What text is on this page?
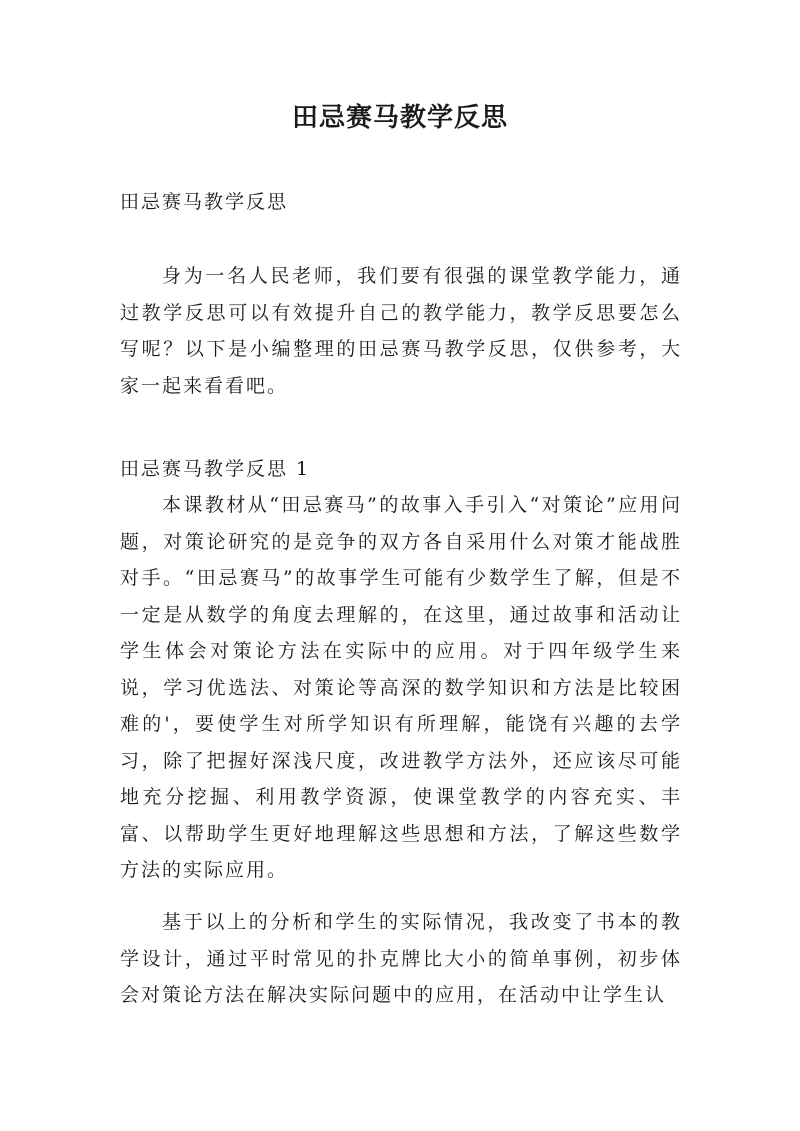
田忌赛马教学反思

田忌赛马教学反思

身为一名人民老师，我们要有很强的课堂教学能力，通过教学反思可以有效提升自己的教学能力，教学反思要怎么写呢？以下是小编整理的田忌赛马教学反思，仅供参考，大家一起来看看吧。

田忌赛马教学反思 1

本课教材从“田忌赛马”的故事入手引入“对策论”应用问题，对策论研究的是竞争的双方各自采用什么对策才能战胜对手。“田忌赛马”的故事学生可能有少数学生了解，但是不一定是从数学的角度去理解的，在这里，通过故事和活动让学生体会对策论方法在实际中的应用。对于四年级学生来说，学习优选法、对策论等高深的数学知识和方法是比较困难的'，要使学生对所学知识有所理解，能饶有兴趣的去学习，除了把握好深浅尺度，改进教学方法外，还应该尽可能地充分挖掘、利用教学资源，使课堂教学的内容充实、丰富、以帮助学生更好地理解这些思想和方法，了解这些数学方法的实际应用。

基于以上的分析和学生的实际情况，我改变了书本的教学设计，通过平时常见的扑克牌比大小的简单事例，初步体会对策论方法在解决实际问题中的应用，在活动中让学生认
